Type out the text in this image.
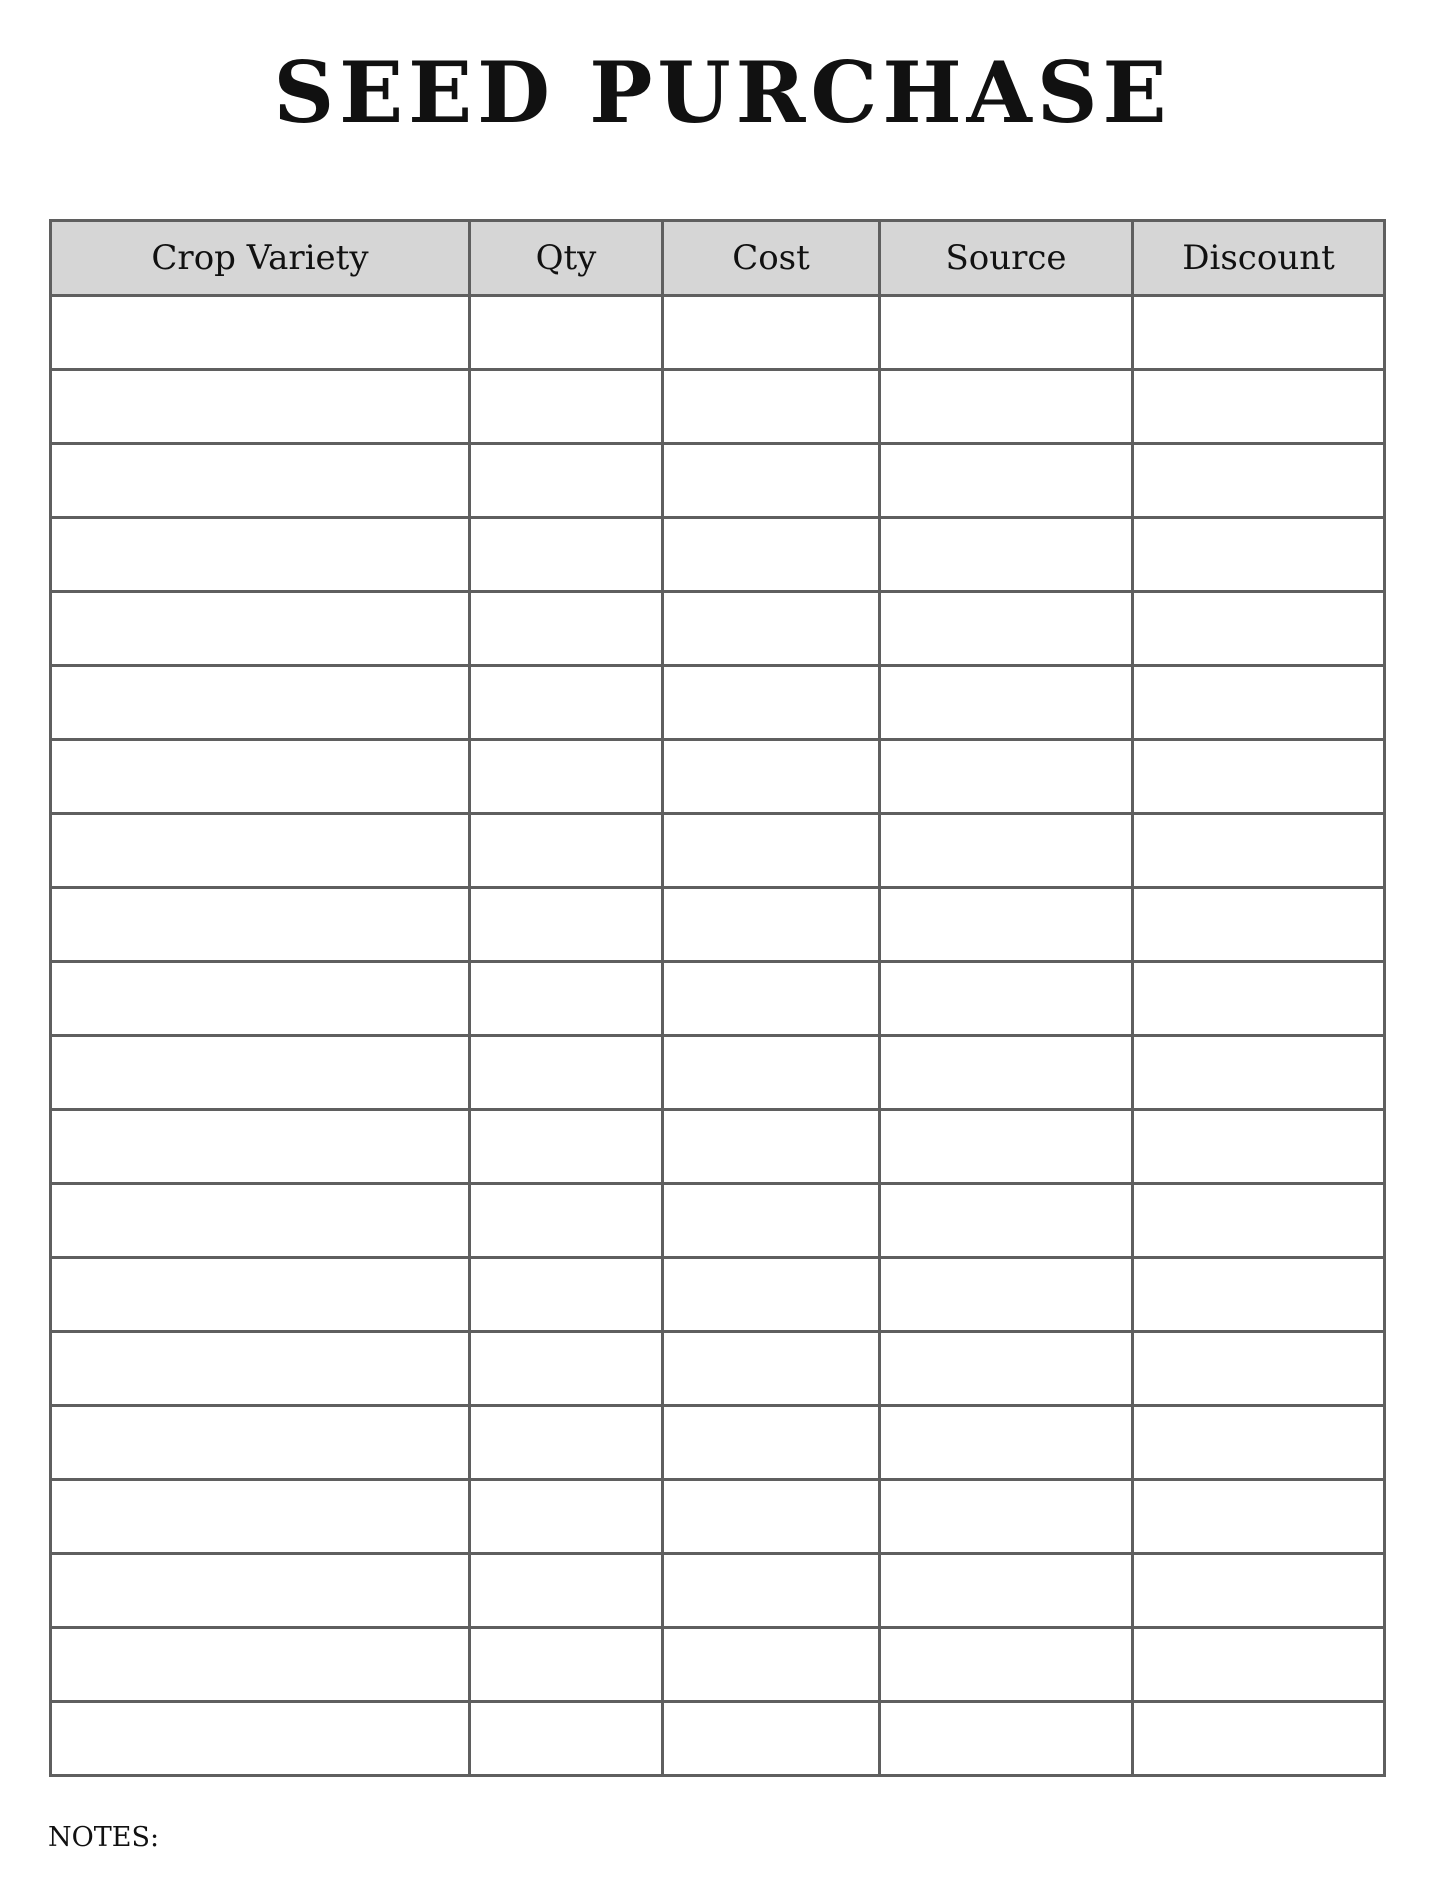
SEED PURCHASE
Crop Variety	Qty	Cost	Source	Discount

NOTES:
